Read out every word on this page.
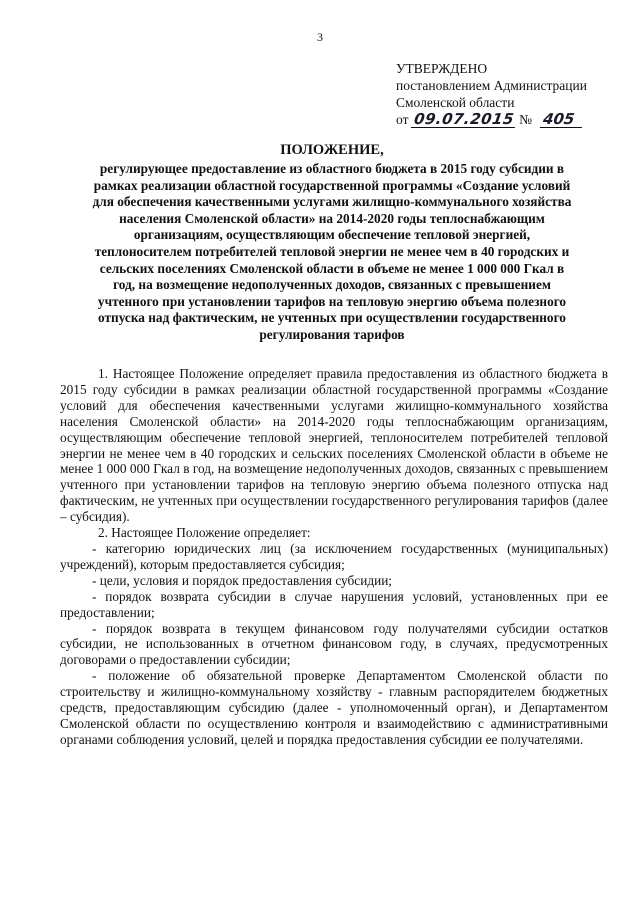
3
УТВЕРЖДЕНО
постановлением Администрации
Смоленской области
от 09.07.2015 № 405
ПОЛОЖЕНИЕ,
регулирующее предоставление из областного бюджета в 2015 году субсидии в
рамках реализации областной государственной программы «Создание условий
для обеспечения качественными услугами жилищно-коммунального хозяйства
населения Смоленской области» на 2014-2020 годы теплоснабжающим
организациям, осуществляющим обеспечение тепловой энергией,
теплоносителем потребителей тепловой энергии не менее чем в 40 городских и
сельских поселениях Смоленской области в объеме не менее 1 000 000 Гкал в
год, на возмещение недополученных доходов, связанных с превышением
учтенного при установлении тарифов на тепловую энергию объема полезного
отпуска над фактическим, не учтенных при осуществлении государственного
регулирования тарифов

1. Настоящее Положение определяет правила предоставления из областного бюджета в 2015 году субсидии в рамках реализации областной государственной программы «Создание условий для обеспечения качественными услугами жилищно-коммунального хозяйства населения Смоленской области» на 2014-2020 годы теплоснабжающим организациям, осуществляющим обеспечение тепловой энергией, теплоносителем потребителей тепловой энергии не менее чем в 40 городских и сельских поселениях Смоленской области в объеме не менее 1 000 000 Гкал в год, на возмещение недополученных доходов, связанных с превышением учтенного при установлении тарифов на тепловую энергию объема полезного отпуска над фактическим, не учтенных при осуществлении государственного регулирования тарифов (далее – субсидия).

2. Настоящее Положение определяет:

- категорию юридических лиц (за исключением государственных (муниципальных) учреждений), которым предоставляется субсидия;

- цели, условия и порядок предоставления субсидии;

- порядок возврата субсидии в случае нарушения условий, установленных при ее предоставлении;

- порядок возврата в текущем финансовом году получателями субсидии остатков субсидии, не использованных в отчетном финансовом году, в случаях, предусмотренных договорами о предоставлении субсидии;

- положение об обязательной проверке Департаментом Смоленской области по строительству и жилищно-коммунальному хозяйству - главным распорядителем бюджетных средств, предоставляющим субсидию (далее - уполномоченный орган), и Департаментом Смоленской области по осуществлению контроля и взаимодействию с административными органами соблюдения условий, целей и порядка предоставления субсидии ее получателями.
